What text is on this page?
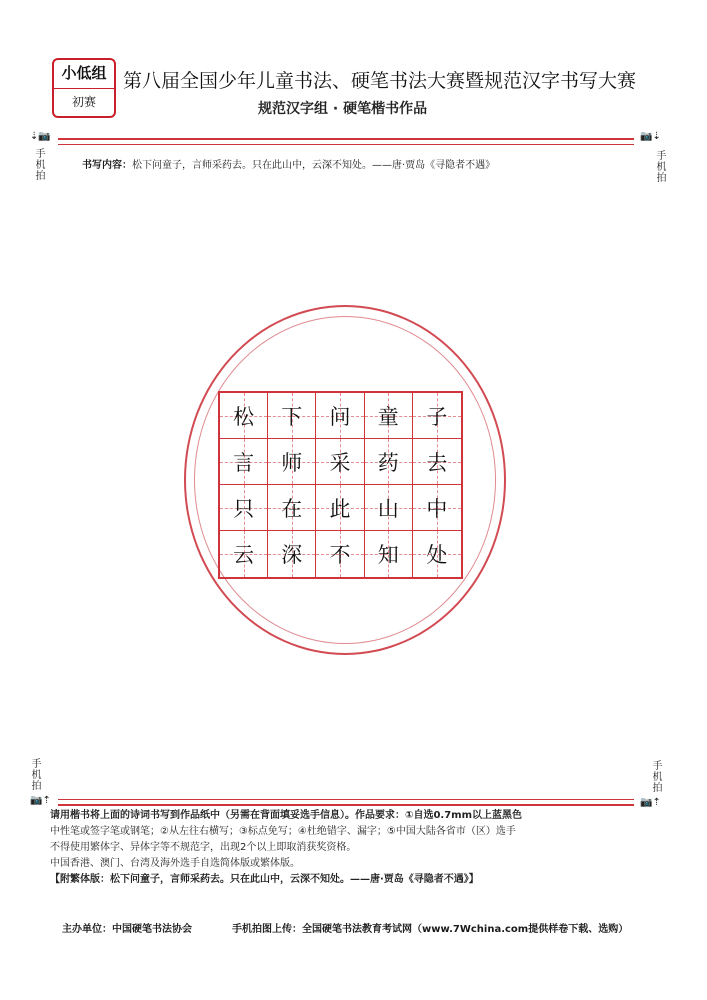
小低组
初赛
第八届全国少年儿童书法、硬笔书法大赛暨规范汉字书写大赛
规范汉字组 · 硬笔楷书作品
⇣📷
手机拍
📷⇣
手机拍
书写内容：松下问童子，言师采药去。只在此山中，云深不知处。——唐·贾岛《寻隐者不遇》
松 下 问 童 子
言 师 采 药 去
只 在 此 山 中
云 深 不 知 处
手机拍
📷⇡
手机拍
📷⇡

请用楷书将上面的诗词书写到作品纸中（另需在背面填妥选手信息）。作品要求：①自选0.7mm以上蓝黑色

中性笔或签字笔或钢笔；②从左往右横写；③标点免写；④杜绝错字、漏字；⑤中国大陆各省市（区）选手

不得使用繁体字、异体字等不规范字，出现2个以上即取消获奖资格。

中国香港、澳门、台湾及海外选手自选简体版或繁体版。

【附繁体版：松下问童子，言师采药去。只在此山中，云深不知处。——唐·贾岛《寻隐者不遇》】

主办单位：中国硬笔书法协会	手机拍图上传：全国硬笔书法教育考试网（www.7Wchina.com提供样卷下载、选购）
